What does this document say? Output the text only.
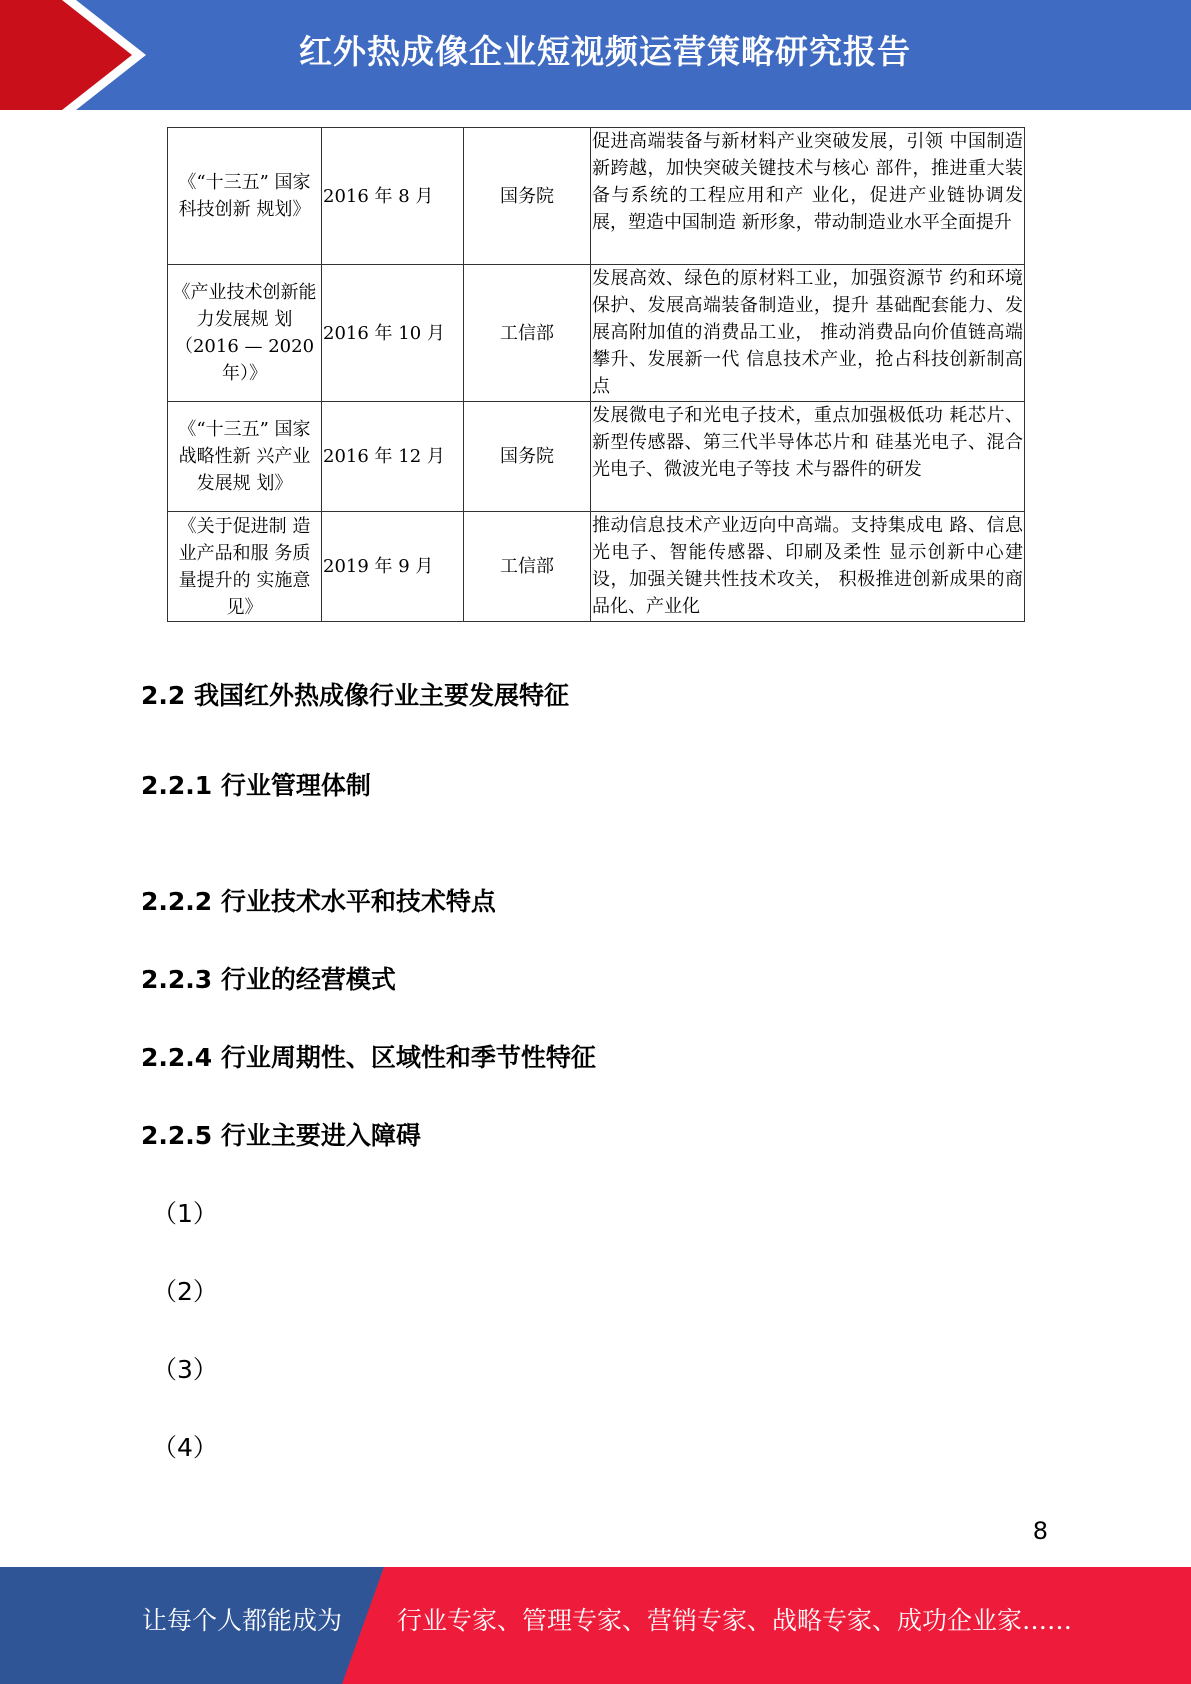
红外热成像企业短视频运营策略研究报告
《“十三五” 国家科技创新 规划》	2016 年 8 月	国务院	促进高端装备与新材料产业突破发展，引领 中国制造新跨越，加快突破关键技术与核心 部件，推进重大装备与系统的工程应用和产 业化，促进产业链协调发展，塑造中国制造 新形象，带动制造业水平全面提升
《产业技术创新能力发展规 划（2016 — 2020 年）》	2016 年 10 月	工信部	发展高效、绿色的原材料工业，加强资源节 约和环境保护、发展高端装备制造业，提升 基础配套能力、发展高附加值的消费品工业， 推动消费品向价值链高端攀升、发展新一代 信息技术产业，抢占科技创新制高点
《“十三五” 国家战略性新 兴产业发展规 划》	2016 年 12 月	国务院	发展微电子和光电子技术，重点加强极低功 耗芯片、新型传感器、第三代半导体芯片和 硅基光电子、混合光电子、微波光电子等技 术与器件的研发
《关于促进制 造业产品和服 务质量提升的 实施意见》	2019 年 9 月	工信部	推动信息技术产业迈向中高端。支持集成电 路、信息光电子、智能传感器、印刷及柔性 显示创新中心建设，加强关键共性技术攻关， 积极推进创新成果的商品化、产业化
2.2 我国红外热成像行业主要发展特征
2.2.1 行业管理体制
2.2.2 行业技术水平和技术特点
2.2.3 行业的经营模式
2.2.4 行业周期性、区域性和季节性特征
2.2.5 行业主要进入障碍
（1）
（2）
（3）
（4）
8
让每个人都能成为 行业专家、管理专家、营销专家、战略专家、成功企业家……
